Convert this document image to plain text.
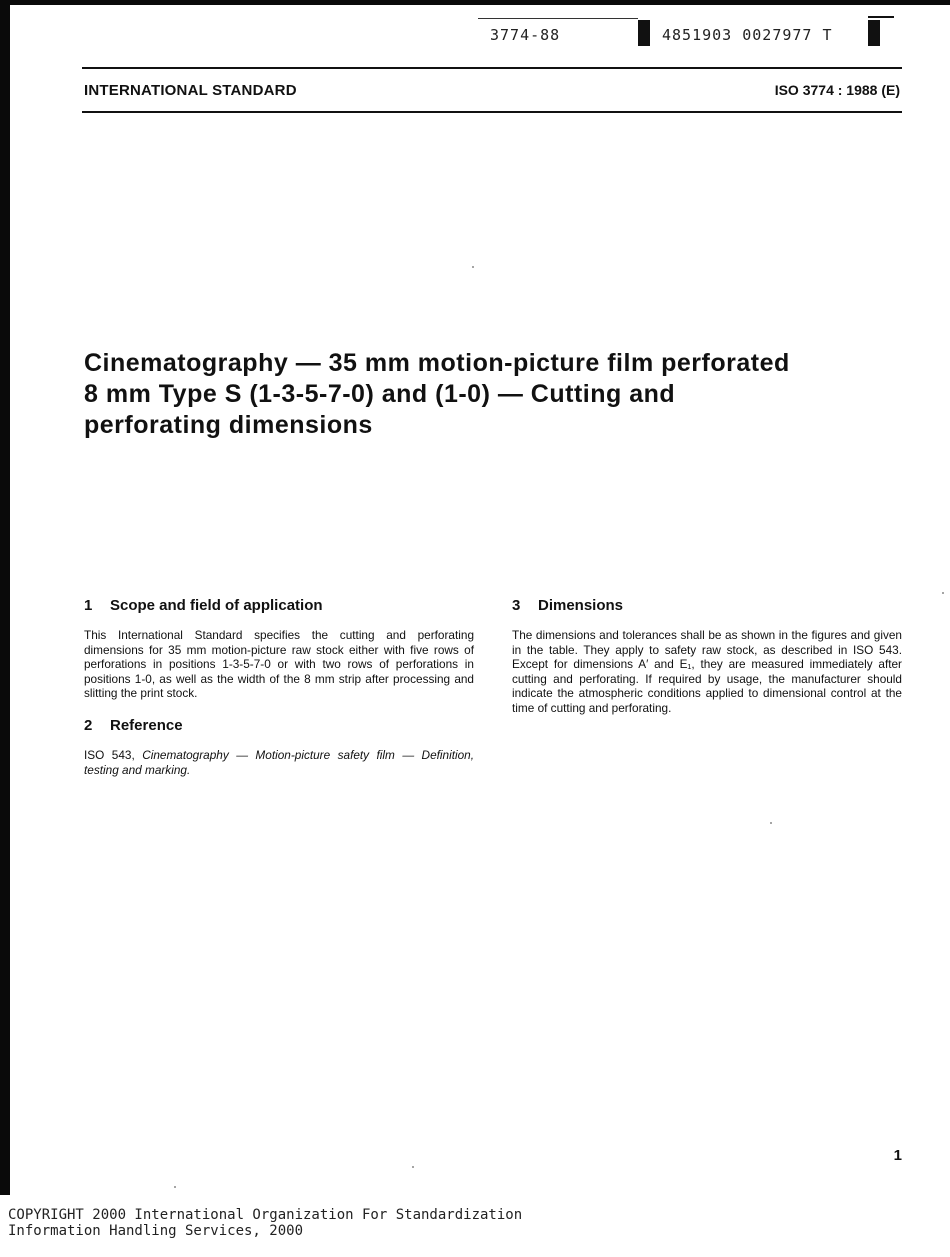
3774-88	4851903 0027977 T
INTERNATIONAL STANDARD	ISO 3774 : 1988 (E)
Cinematography — 35 mm motion-picture film perforated
8 mm Type S (1-3-5-7-0) and (1-0) — Cutting and
perforating dimensions
1 Scope and field of application

This International Standard specifies the cutting and perforating dimensions for 35 mm motion-picture raw stock either with five rows of perforations in positions 1-3-5-7-0 or with two rows of perforations in positions 1-0, as well as the width of the 8 mm strip after processing and slitting the print stock.

2 Reference

ISO 543, Cinematography — Motion-picture safety film — Definition, testing and marking.

3 Dimensions

The dimensions and tolerances shall be as shown in the figures and given in the table. They apply to safety raw stock, as described in ISO 543. Except for dimensions A′ and E₁, they are measured immediately after cutting and perforating. If required by usage, the manufacturer should indicate the atmospheric conditions applied to dimensional control at the time of cutting and perforating.

1
COPYRIGHT 2000 International Organization For Standardization
Information Handling Services, 2000
